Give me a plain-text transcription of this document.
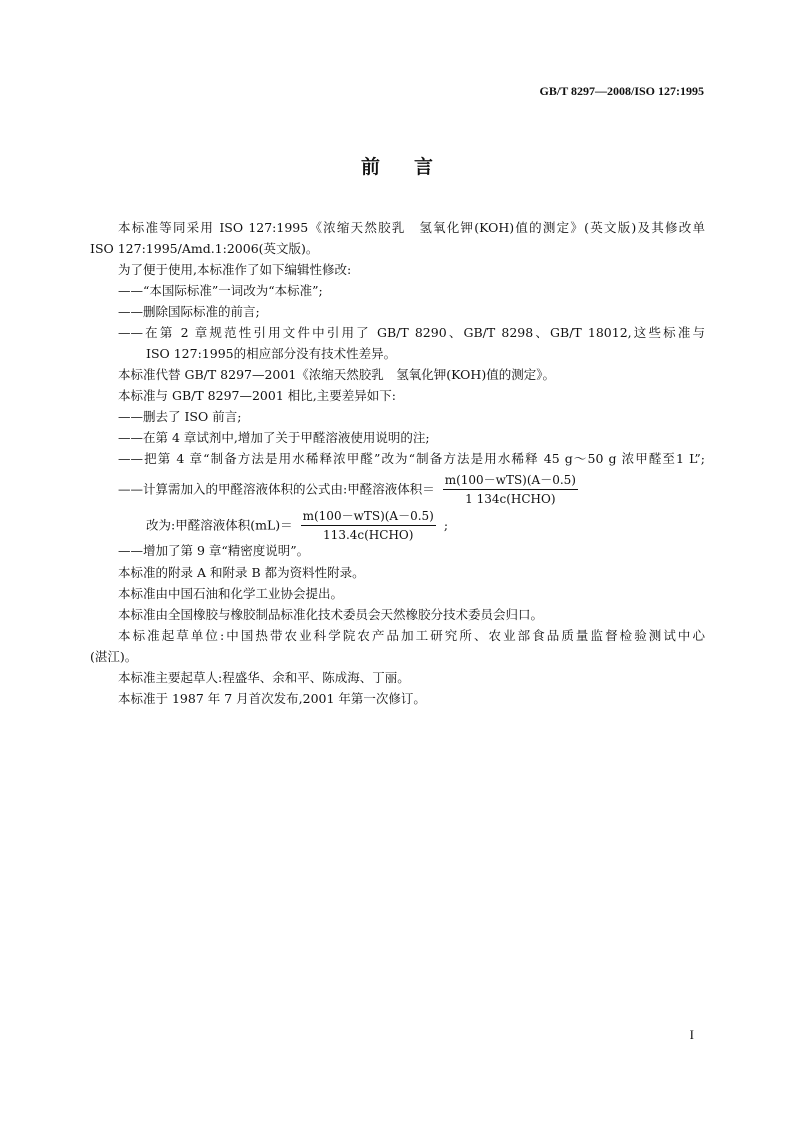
GB/T 8297—2008/ISO 127:1995
前言
本标准等同采用 ISO 127:1995《浓缩天然胶乳　氢氧化钾(KOH)值的测定》(英文版)及其修改单
ISO 127:1995/Amd.1:2006(英文版)。
为了便于使用,本标准作了如下编辑性修改:
——“本国际标准”一词改为“本标准”;
——删除国际标准的前言;
——在第 2 章规范性引用文件中引用了 GB/T 8290、GB/T 8298、GB/T 18012,这些标准与
ISO 127:1995的相应部分没有技术性差异。
本标准代替 GB/T 8297—2001《浓缩天然胶乳　氢氧化钾(KOH)值的测定》。
本标准与 GB/T 8297—2001 相比,主要差异如下:
——删去了 ISO 前言;
——在第 4 章试剂中,增加了关于甲醛溶液使用说明的注;
——把第 4 章“制备方法是用水稀释浓甲醛”改为“制备方法是用水稀释 45 g～50 g 浓甲醛至1 L”;
——计算需加入的甲醛溶液体积的公式由:甲醛溶液体积＝ $\frac{\text{m(100－wTS)(A－0.5)}}{\text{1 134c(HCHO)}}$
改为:甲醛溶液体积$(mL)= \frac{\text{m(100－wTS)(A－0.5)}}{\text{113.4c(HCHO)}}$ ;
——增加了第 9 章“精密度说明”。
本标准的附录 A 和附录 B 都为资料性附录。
本标准由中国石油和化学工业协会提出。
本标准由全国橡胶与橡胶制品标准化技术委员会天然橡胶分技术委员会归口。
本标准起草单位:中国热带农业科学院农产品加工研究所、农业部食品质量监督检验测试中心
(湛江)。
本标准主要起草人:程盛华、余和平、陈成海、丁丽。
本标准于 1987 年 7 月首次发布,2001 年第一次修订。
I
